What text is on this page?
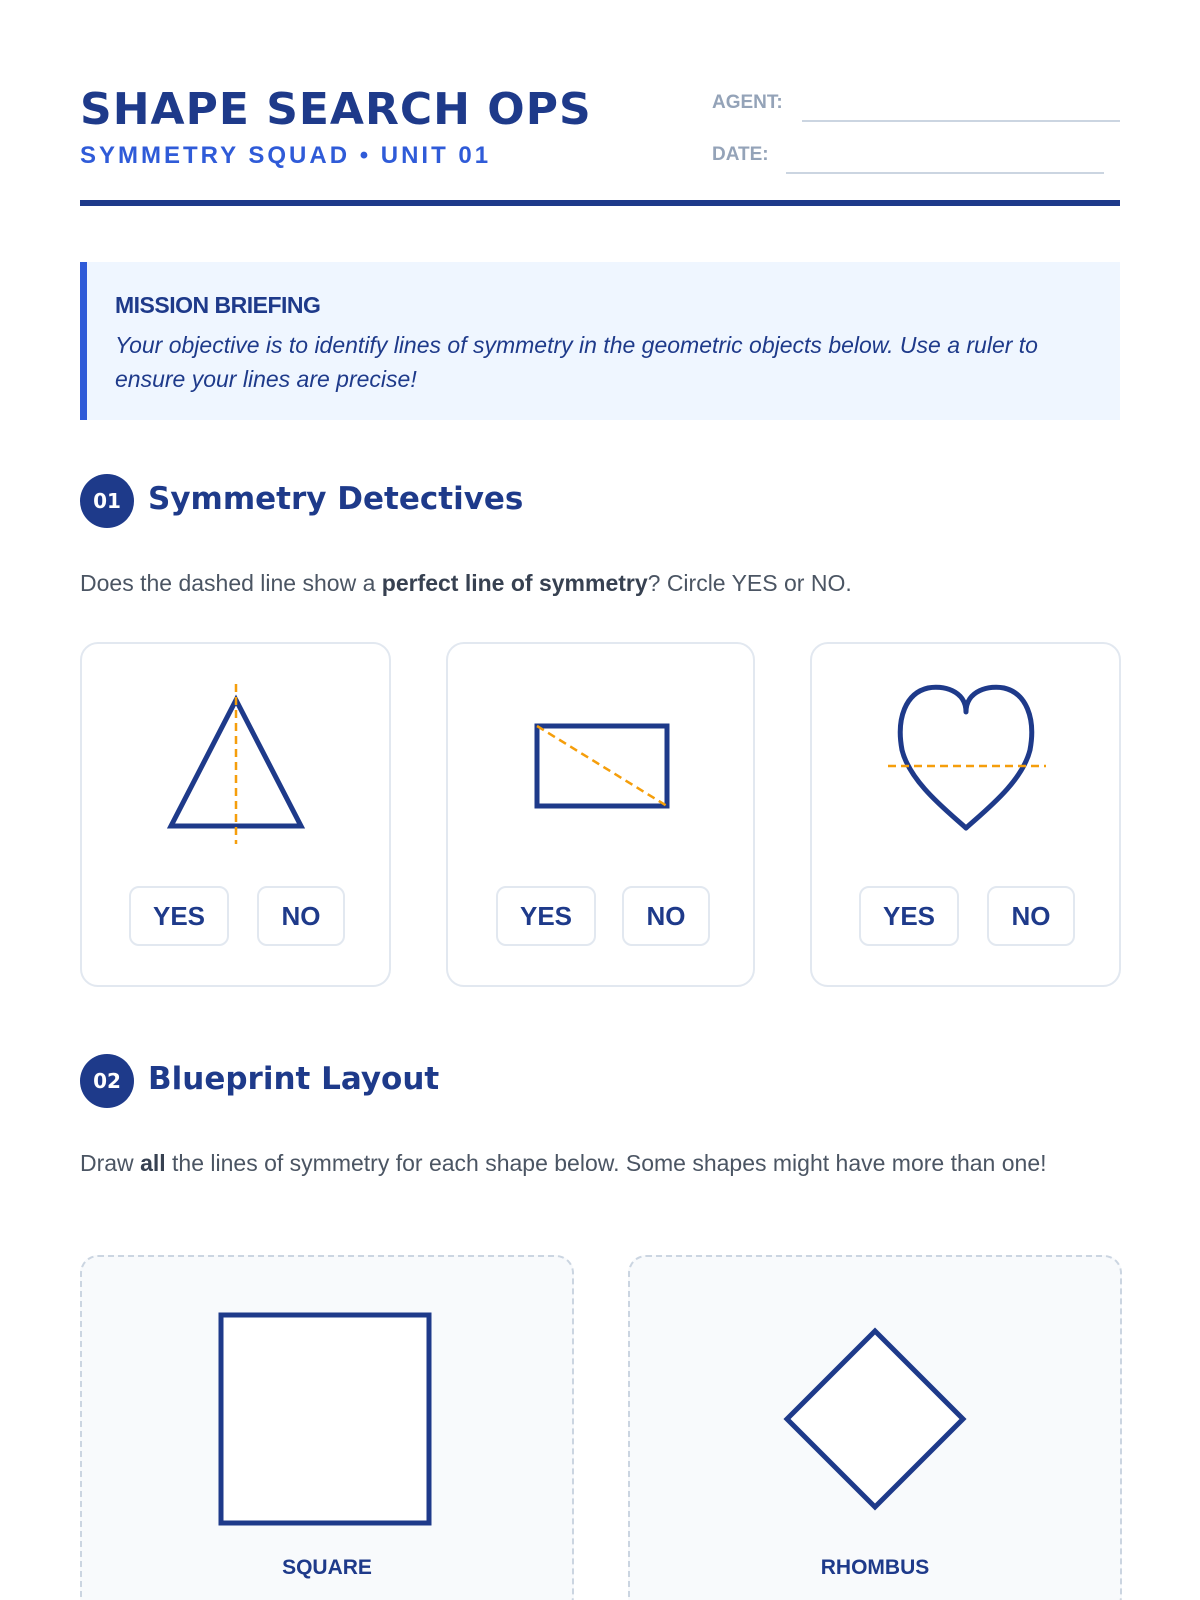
SHAPE SEARCH OPS
SYMMETRY SQUAD • UNIT 01
AGENT:
DATE:
MISSION BRIEFING
Your objective is to identify lines of symmetry in the geometric objects below. Use a ruler to ensure your lines are precise!
01 Symmetry Detectives

Does the dashed line show a perfect line of symmetry? Circle YES or NO.

YES	NO	YES	NO	YES	NO
02 Blueprint Layout

Draw all the lines of symmetry for each shape below. Some shapes might have more than one!

SQUARE	RHOMBUS
